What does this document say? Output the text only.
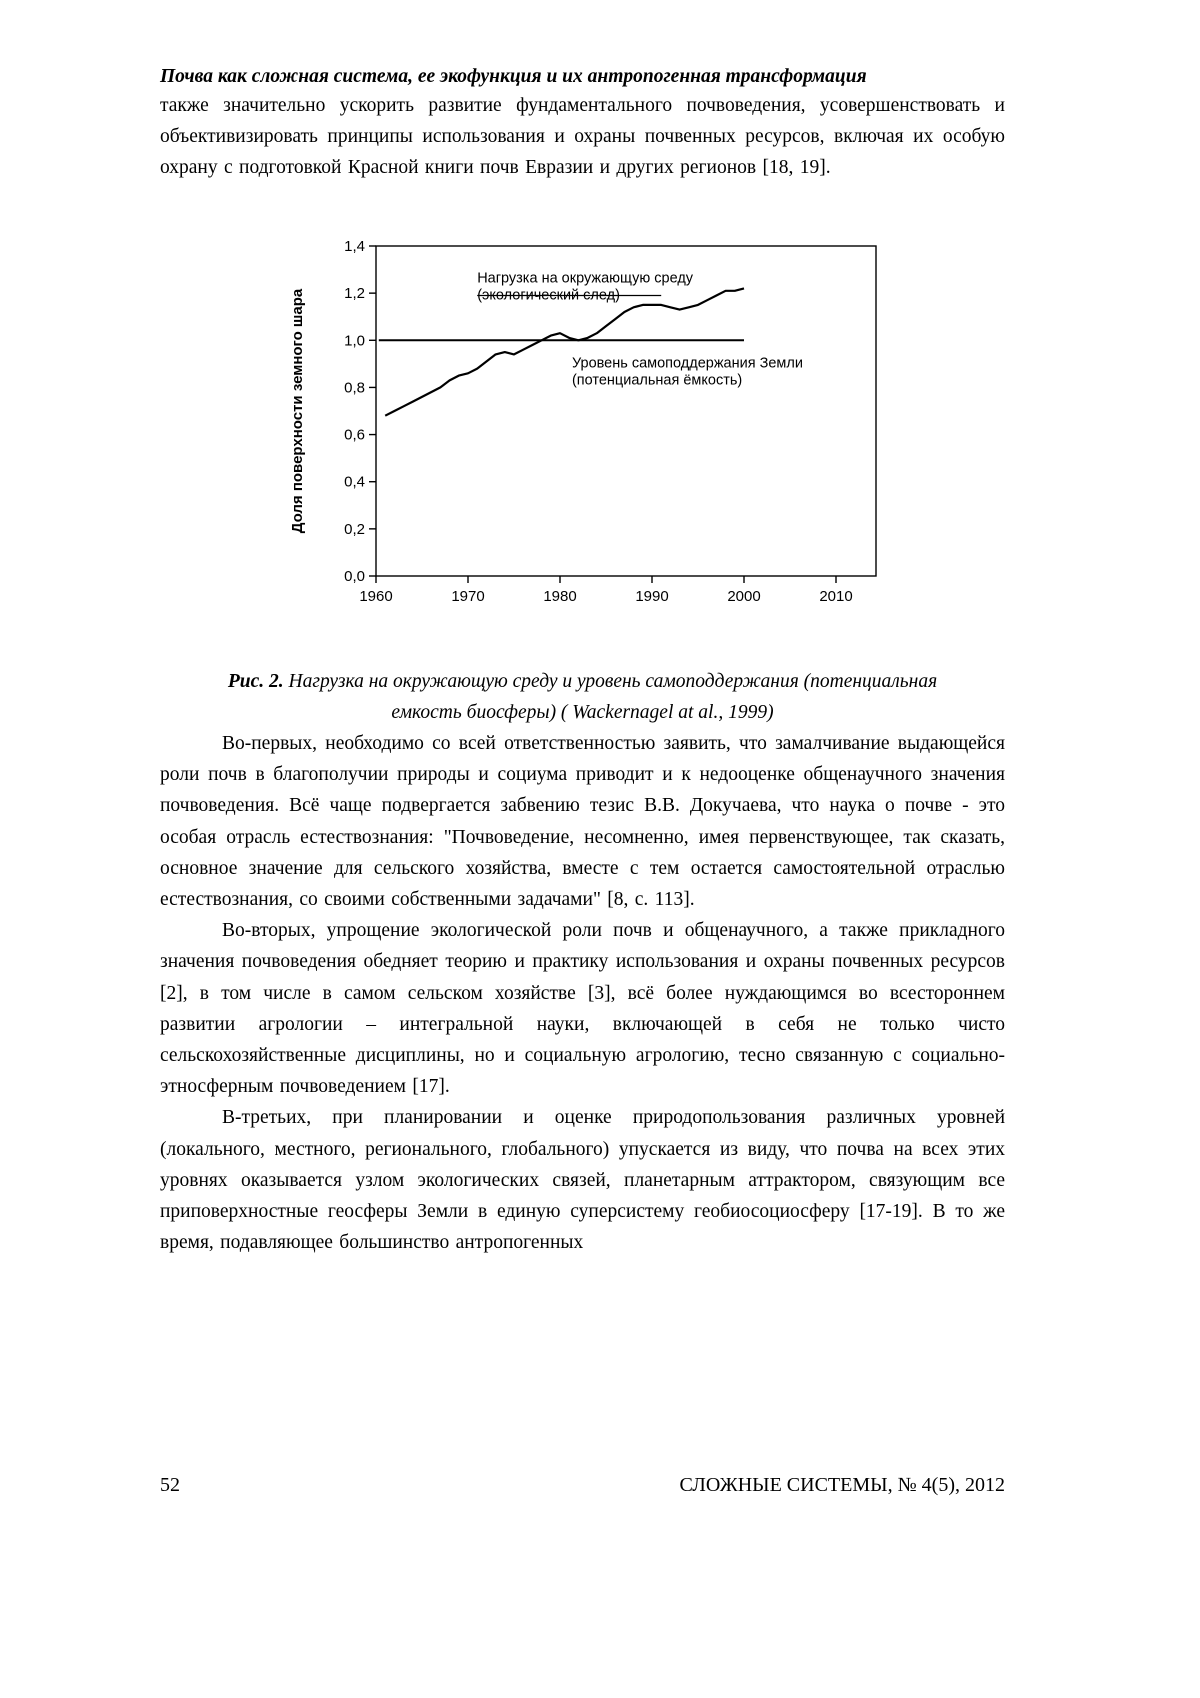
Почва как сложная система, ее экофункция и их антропогенная трансформация

также значительно ускорить развитие фундаментального почвоведения, усовершенствовать и объективизировать принципы использования и охраны почвенных ресурсов, включая их особую охрану с подготовкой Красной книги почв Евразии и других регионов [18, 19].

0,0
0,2
0,4
0,6
0,8
1,0
1,2
1,4
1960	1970	1980	1990	2000	2010
Нагрузка на окружающую среду
(экологический след)
Уровень самоподдержания Земли
(потенциальная ёмкость)
Доля поверхности земного шара
Рис. 2. Нагрузка на окружающую среду и уровень самоподдержания (потенциальная емкость биосферы) ( Wackernagel at al., 1999)

Во-первых, необходимо со всей ответственностью заявить, что замалчивание выдающейся роли почв в благополучии природы и социума приводит и к недооценке общенаучного значения почвоведения. Всё чаще подвергается забвению тезис В.В. Докучаева, что наука о почве - это особая отрасль естествознания: "Почвоведение, несомненно, имея первенствующее, так сказать, основное значение для сельского хозяйства, вместе с тем остается самостоятельной отраслью естествознания, со своими собственными задачами" [8, с. 113].

Во-вторых, упрощение экологической роли почв и общенаучного, а также прикладного значения почвоведения обедняет теорию и практику использования и охраны почвенных ресурсов [2], в том числе в самом сельском хозяйстве [3], всё более нуждающимся во всестороннем развитии агрологии – интегральной науки, включающей в себя не только чисто сельскохозяйственные дисциплины, но и социальную агрологию, тесно связанную с социально-этносферным почвоведением [17].

В-третьих, при планировании и оценке природопользования различных уровней (локального, местного, регионального, глобального) упускается из виду, что почва на всех этих уровнях оказывается узлом экологических связей, планетарным аттрактором, связующим все приповерхностные геосферы Земли в единую суперсистему геобиосоциосферу [17-19]. В то же время, подавляющее большинство антропогенных

52	СЛОЖНЫЕ СИСТЕМЫ, № 4(5), 2012
